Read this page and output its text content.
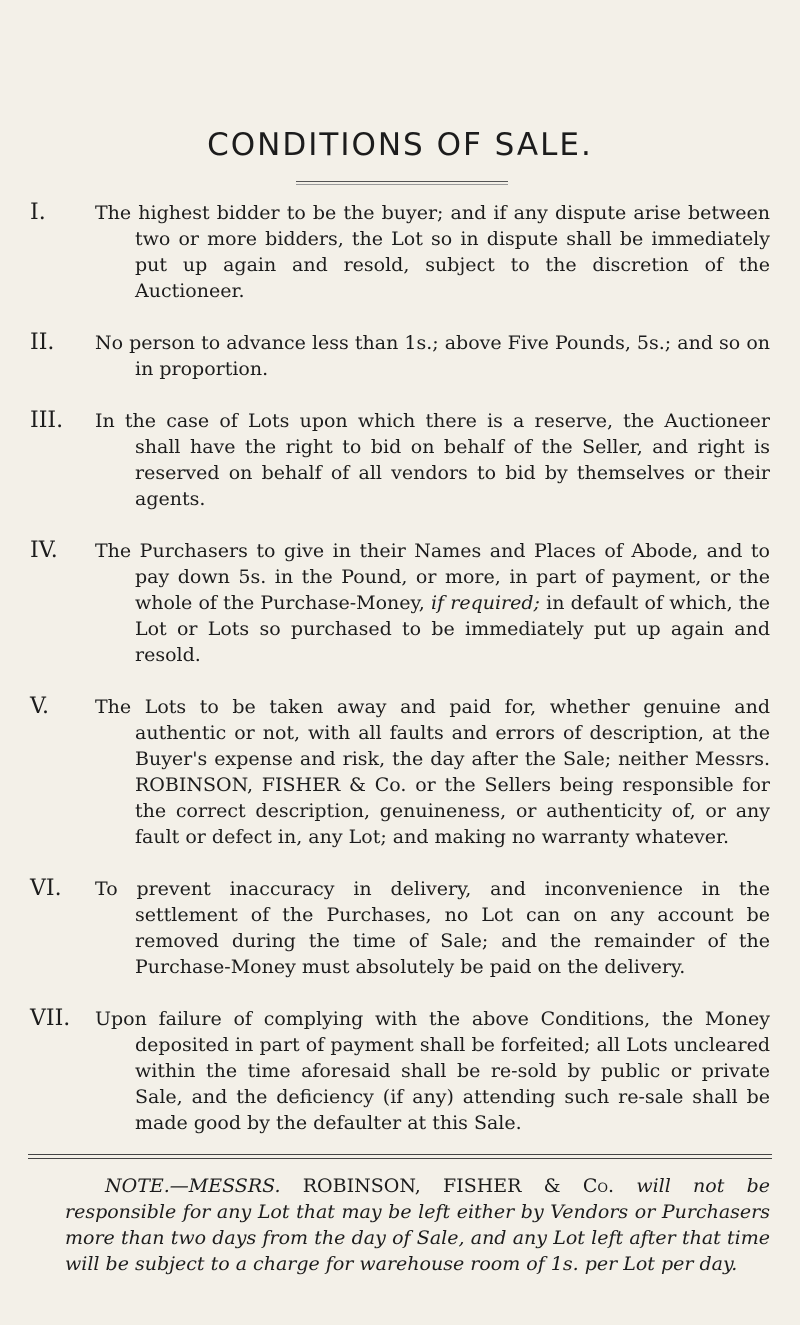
CONDITIONS OF SALE.
I.	The highest bidder to be the buyer; and if any dispute arise between two or more bidders, the Lot so in dispute shall be immediately put up again and resold, subject to the discretion of the Auctioneer.
II. No person to advance less than 1s.; above Five Pounds, 5s.; and so on in proportion.
III. In the case of Lots upon which there is a reserve, the Auctioneer shall have the right to bid on behalf of the Seller, and right is reserved on behalf of all vendors to bid by themselves or their agents.
IV. The Purchasers to give in their Names and Places of Abode, and to pay down 5s. in the Pound, or more, in part of payment, or the whole of the Purchase-Money, if required; in default of which, the Lot or Lots so purchased to be immediately put up again and resold.
V. The Lots to be taken away and paid for, whether genuine and authentic or not, with all faults and errors of description, at the Buyer's expense and risk, the day after the Sale; neither Messrs. ROBINSON, FISHER & Co. or the Sellers being responsible for the correct description, genuineness, or authenticity of, or any fault or defect in, any Lot; and making no warranty whatever.
VI. To prevent inaccuracy in delivery, and inconvenience in the settlement of the Purchases, no Lot can on any account be removed during the time of Sale; and the remainder of the Purchase-Money must absolutely be paid on the delivery.
VII. Upon failure of complying with the above Conditions, the Money deposited in part of payment shall be forfeited; all Lots uncleared within the time aforesaid shall be re-sold by public or private Sale, and the deficiency (if any) attending such re-sale shall be made good by the defaulter at this Sale.
NOTE.—MESSRS. ROBINSON, FISHER & Co. will not be responsible for any Lot that may be left either by Vendors or Purchasers more than two days from the day of Sale, and any Lot left after that time will be subject to a charge for warehouse room of 1s. per Lot per day.
